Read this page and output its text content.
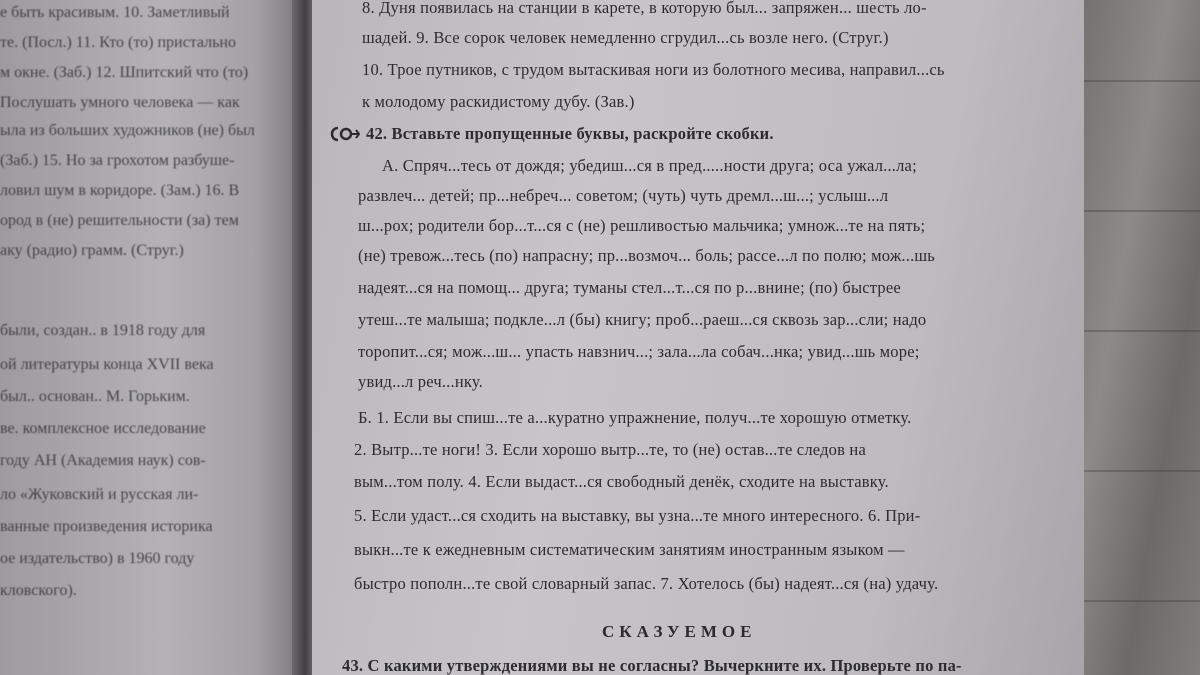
е быть красивым. 10. Заметливый
те. (Посл.) 11. Кто (то) пристально
м окне. (Заб.) 12. Шпитский что (то)
Послушать умного человека — как
ыла из больших художников (не) был
(Заб.) 15. Но за грохотом разбуше-
ловил шум в коридоре. (Зам.) 16. В
ород в (не) решительности (за) тем
аку (радио) грамм. (Струг.)
были, создан.. в 1918 году для
ой литературы конца XVII века
был.. основан.. М. Горьким.
ве. комплексное исследование
году АН (Академия наук) сов-
ло «Жуковский и русская ли-
ванные произведения историка
ое издательство) в 1960 году
кловского).
8. Дуня появилась на станции в карете, в которую был... запряжен... шесть ло-
шадей. 9. Все сорок человек немедленно сгрудил...сь возле него. (Струг.)
10. Трое путников, с трудом вытаскивая ноги из болотного месива, направил...сь
к молодому раскидистому дубу. (Зав.)
42. Вставьте пропущенные буквы, раскройте скобки.
А. Спряч...тесь от дождя; убедиш...ся в пред.....ности друга; оса ужал...ла;
развлеч... детей; пр...небреч... советом; (чуть) чуть дремл...ш...; услыш...л
ш...рох; родители бор...т...ся с (не) решливостью мальчика; умнож...те на пять;
(не) тревож...тесь (по) напрасну; пр...возмоч... боль; рассе...л по полю; мож...шь
надеят...ся на помощ... друга; туманы стел...т...ся по р...внине; (по) быстрее
утеш...те малыша; подкле...л (бы) книгу; проб...раеш...ся сквозь зар...сли; надо
торопит...ся; мож...ш... упасть навзнич...; зала...ла собач...нка; увид...шь море;
увид...л реч...нку.
Б. 1. Если вы спиш...те а...куратно упражнение, получ...те хорошую отметку.
2. Вытр...те ноги! 3. Если хорошо вытр...те, то (не) остав...те следов на
вым...том полу. 4. Если выдаст...ся свободный денёк, сходите на выставку.
5. Если удаст...ся сходить на выставку, вы узна...те много интересного. 6. При-
выкн...те к ежедневным систематическим занятиям иностранным языком —
быстро пополн...те свой словарный запас. 7. Хотелось (бы) надеят...ся (на) удачу.
СКАЗУЕМОЕ
43. С какими утверждениями вы не согласны? Вычеркните их. Проверьте по па-
